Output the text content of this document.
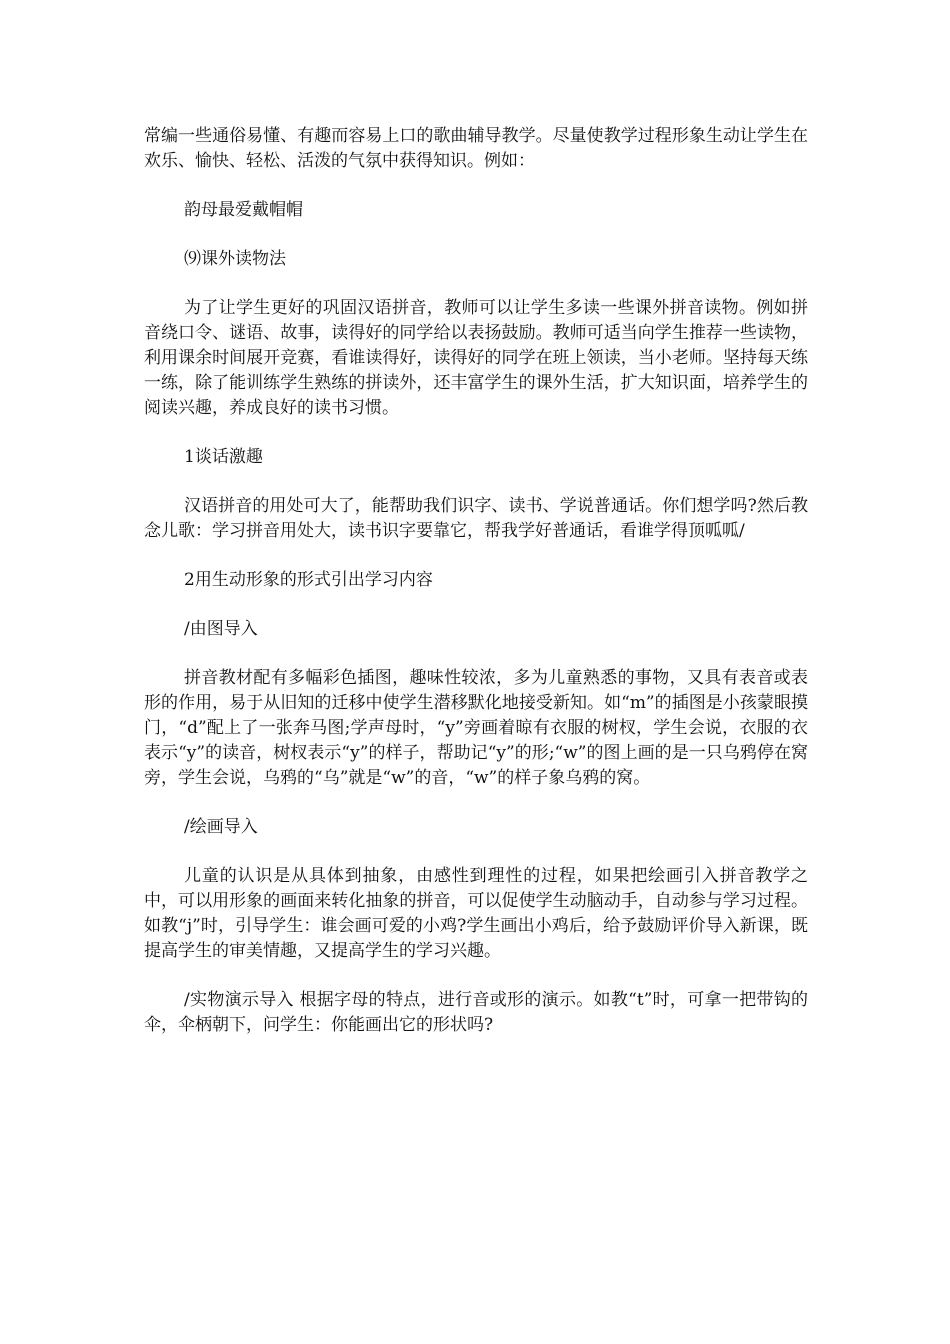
常编一些通俗易懂、有趣而容易上口的歌曲辅导教学。尽量使教学过程形象生动让学生在欢乐、愉快、轻松、活泼的气氛中获得知识。例如：

韵母最爱戴帽帽

⑼课外读物法

为了让学生更好的巩固汉语拼音，教师可以让学生多读一些课外拼音读物。例如拼音绕口令、谜语、故事，读得好的同学给以表扬鼓励。教师可适当向学生推荐一些读物，利用课余时间展开竞赛，看谁读得好，读得好的同学在班上领读，当小老师。坚持每天练一练，除了能训练学生熟练的拼读外，还丰富学生的课外生活，扩大知识面，培养学生的阅读兴趣，养成良好的读书习惯。

1谈话激趣

汉语拼音的用处可大了，能帮助我们识字、读书、学说普通话。你们想学吗?然后教念儿歌：学习拼音用处大，读书识字要靠它，帮我学好普通话，看谁学得顶呱呱/

2用生动形象的形式引出学习内容

/由图导入

拼音教材配有多幅彩色插图，趣味性较浓，多为儿童熟悉的事物，又具有表音或表形的作用，易于从旧知的迁移中使学生潜移默化地接受新知。如“m”的插图是小孩蒙眼摸门，“d”配上了一张奔马图;学声母时，“y”旁画着晾有衣服的树杈，学生会说，衣服的衣表示“y”的读音，树杈表示“y”的样子，帮助记“y”的形;“w”的图上画的是一只乌鸦停在窝旁，学生会说，乌鸦的“乌”就是“w”的音，“w”的样子象乌鸦的窝。

/绘画导入

儿童的认识是从具体到抽象，由感性到理性的过程，如果把绘画引入拼音教学之中，可以用形象的画面来转化抽象的拼音，可以促使学生动脑动手，自动参与学习过程。如教“j”时，引导学生：谁会画可爱的小鸡?学生画出小鸡后，给予鼓励评价导入新课，既提高学生的审美情趣，又提高学生的学习兴趣。

/实物演示导入 根据字母的特点，进行音或形的演示。如教“t”时，可拿一把带钩的伞，伞柄朝下，问学生：你能画出它的形状吗?
